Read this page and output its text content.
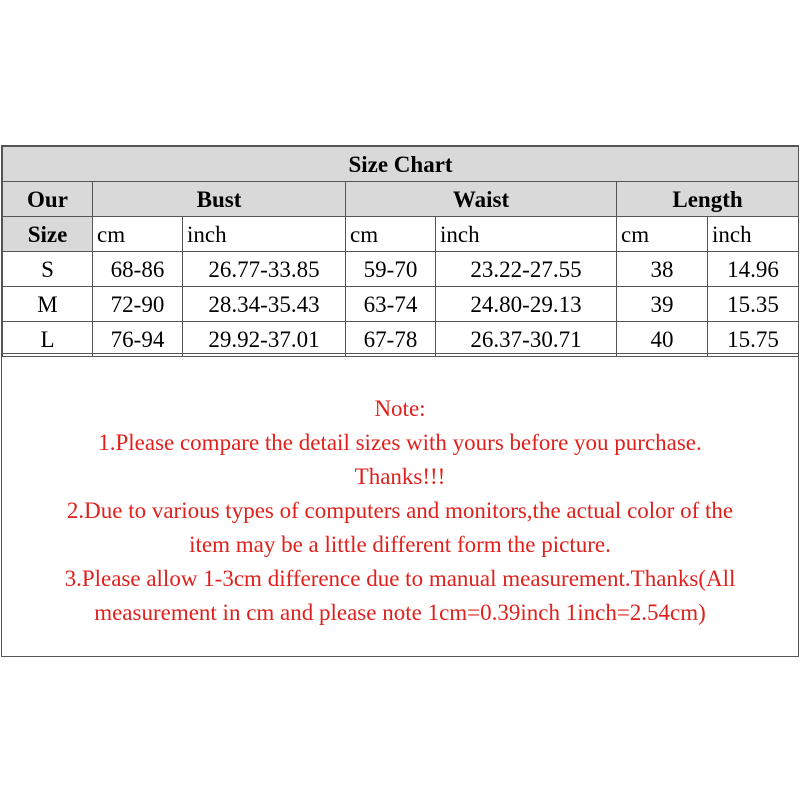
Size Chart						
Our	Bust		Waist		Length	
Size	cm	inch	cm	inch	cm	inch
S	68-86	26.77-33.85	59-70	23.22-27.55	38	14.96
M	72-90	28.34-35.43	63-74	24.80-29.13	39	15.35
L	76-94	29.92-37.01	67-78	26.37-30.71	40	15.75
Note:
1.Please compare the detail sizes with yours before you purchase.
Thanks!!!
2.Due to various types of computers and monitors,the actual color of the
item may be a little different form the picture.
3.Please allow 1-3cm difference due to manual measurement.Thanks(All
measurement in cm and please note 1cm=0.39inch 1inch=2.54cm)
